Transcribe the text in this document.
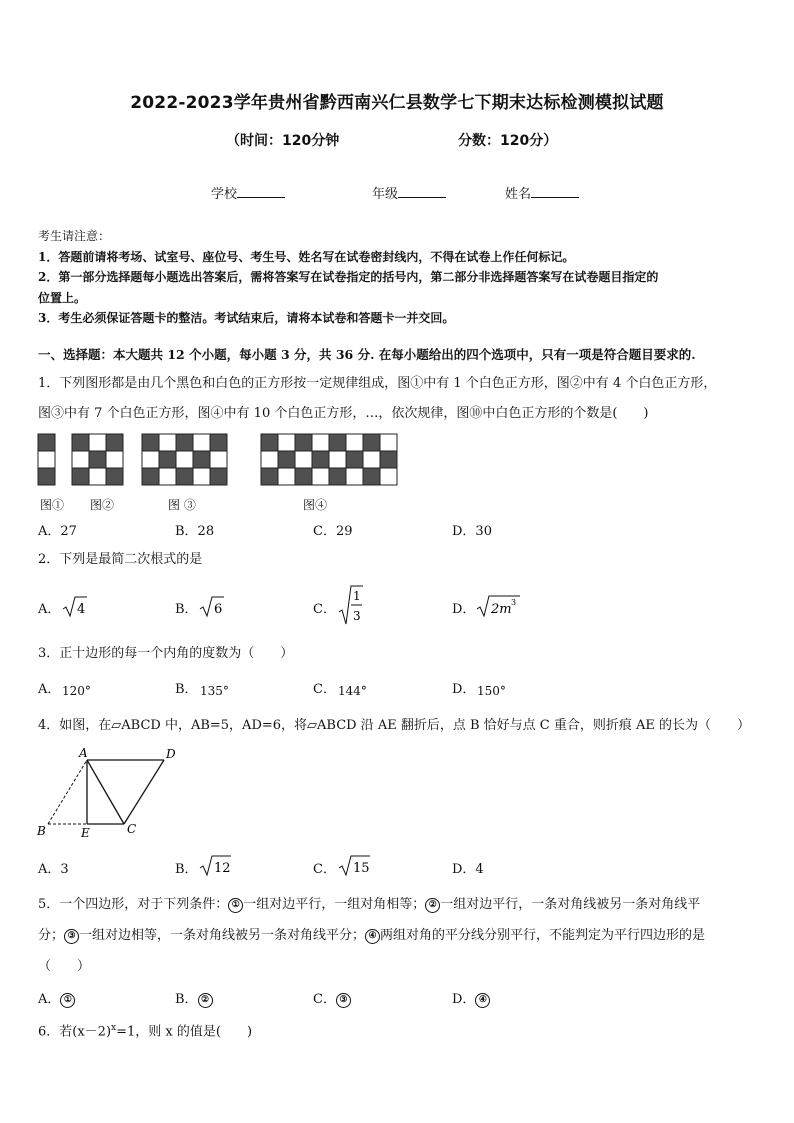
2022-2023学年贵州省黔西南兴仁县数学七下期末达标检测模拟试题
（时间：120分钟	分数：120分）
学校	年级	姓名
考生请注意：
1．答题前请将考场、试室号、座位号、考生号、姓名写在试卷密封线内，不得在试卷上作任何标记。
2．第一部分选择题每小题选出答案后，需将答案写在试卷指定的括号内，第二部分非选择题答案写在试卷题目指定的
位置上。
3．考生必须保证答题卡的整洁。考试结束后，请将本试卷和答题卡一并交回。
一、选择题：本大题共 12 个小题，每小题 3 分，共 36 分. 在每小题给出的四个选项中，只有一项是符合题目要求的.
1．下列图形都是由几个黑色和白色的正方形按一定规律组成，图①中有 1 个白色正方形，图②中有 4 个白色正方形，
图③中有 7 个白色正方形，图④中有 10 个白色正方形，…，依次规律，图⑩中白色正方形的个数是(　　)
图① 图②	图 ③	图④
A．27	B．28	C．29	D．30
2．下列是最简二次根式的是
A． 4	B． 6	C．
1
3	D． 2m 3
3．正十边形的每一个内角的度数为（　　）
A． 120°	B． 135°	C． 144°	D． 150°
4．如图，在▱ABCD 中，AB=5，AD=6，将▱ABCD 沿 AE 翻折后，点 B 恰好与点 C 重合，则折痕 AE 的长为（　　）
A	D
B	E	C
A．3	B． 12	C． 15	D．4
5．一个四边形，对于下列条件： ① 一组对边平行，一组对角相等； ② 一组对边平行，一条对角线被另一条对角线平
分； ③ 一组对边相等，一条对角线被另一条对角线平分； ④ 两组对角的平分线分别平行，不能判定为平行四边形的是
（　　）
A． ①	B． ②	C． ③	D． ④
6．若$(x-2)^x=1$，则 x 的值是(　　)
